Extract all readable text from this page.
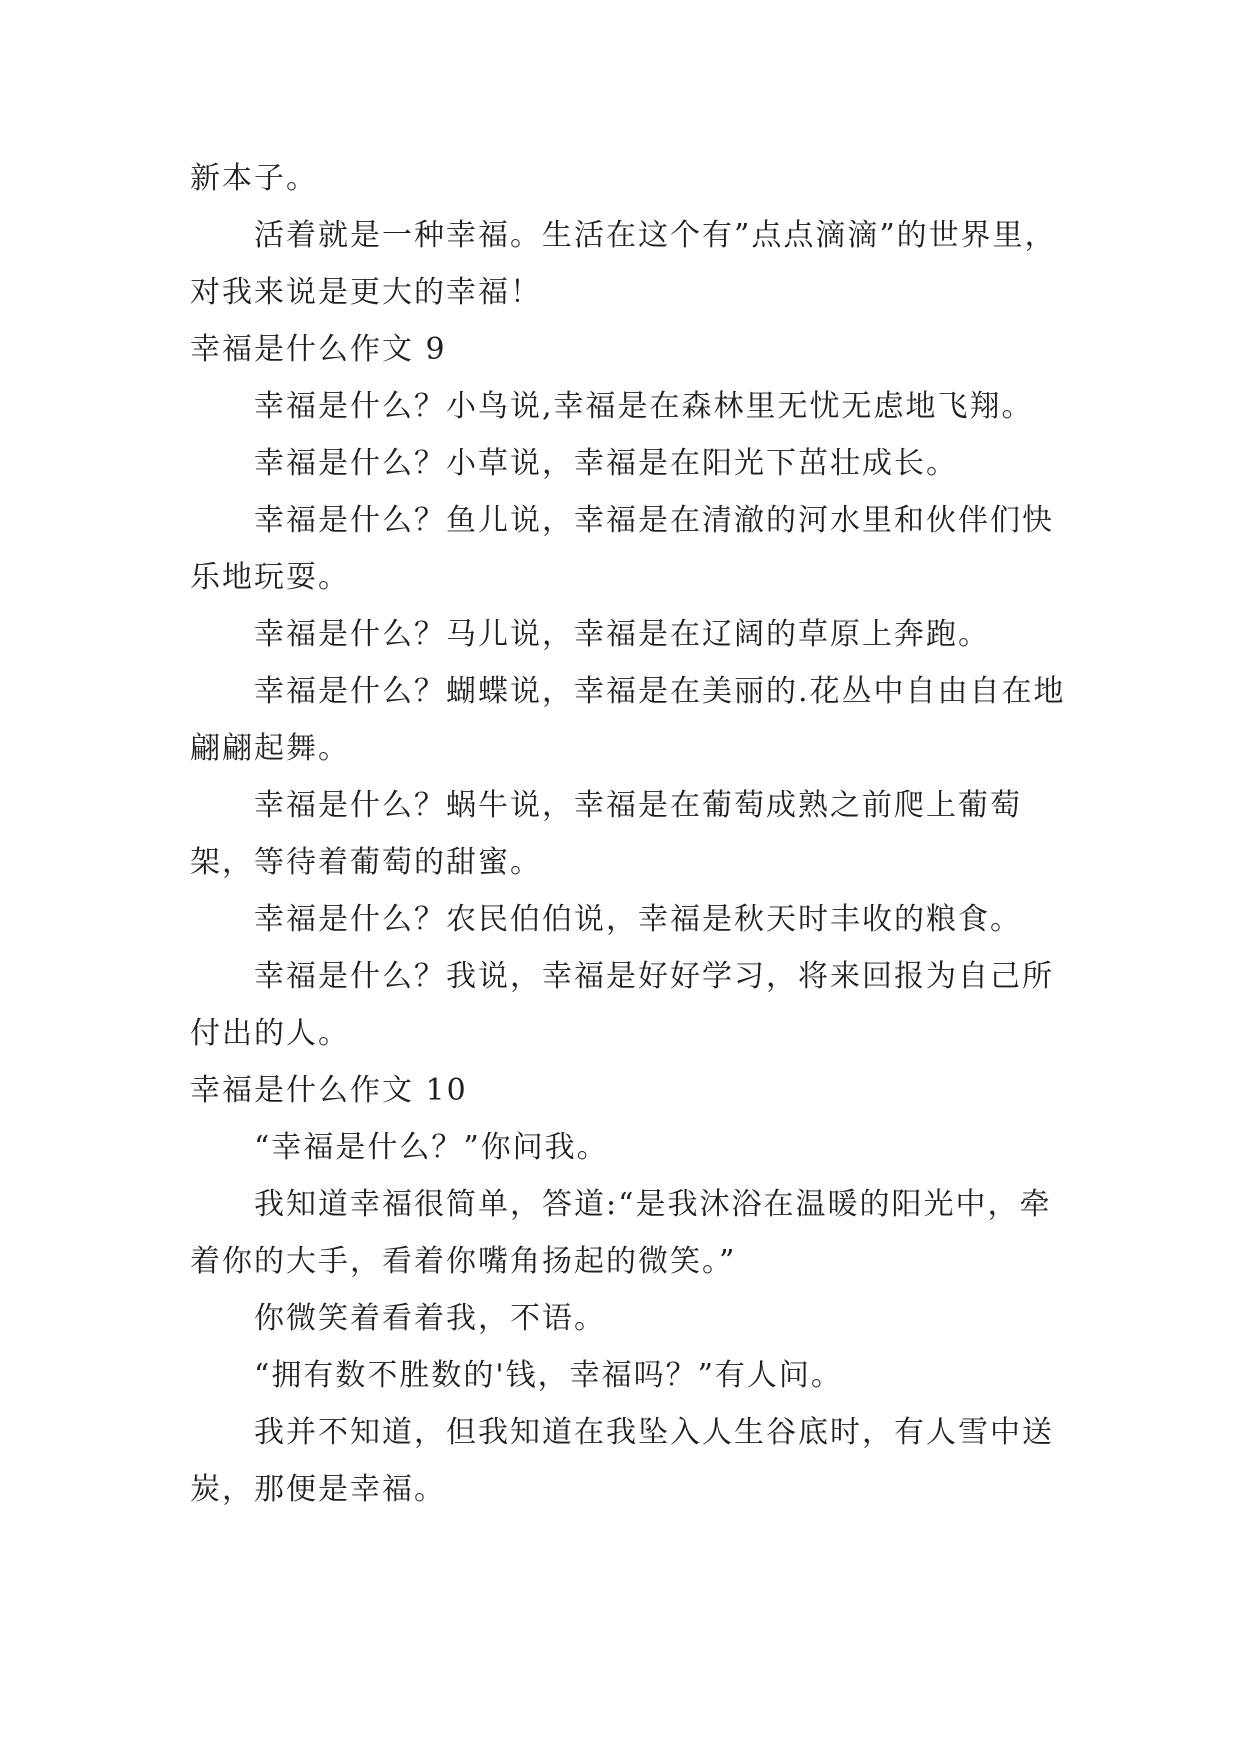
新本子。

活着就是一种幸福。生活在这个有”点点滴滴”的世界里，对我来说是更大的幸福！

幸福是什么作文 9

幸福是什么？小鸟说,幸福是在森林里无忧无虑地飞翔。

幸福是什么？小草说，幸福是在阳光下茁壮成长。

幸福是什么？鱼儿说，幸福是在清澈的河水里和伙伴们快乐地玩耍。

幸福是什么？马儿说，幸福是在辽阔的草原上奔跑。

幸福是什么？蝴蝶说，幸福是在美丽的.花丛中自由自在地翩翩起舞。

幸福是什么？蜗牛说，幸福是在葡萄成熟之前爬上葡萄架，等待着葡萄的甜蜜。

幸福是什么？农民伯伯说，幸福是秋天时丰收的粮食。

幸福是什么？我说，幸福是好好学习，将来回报为自己所付出的人。

幸福是什么作文 10

“幸福是什么？”你问我。

我知道幸福很简单，答道:“是我沐浴在温暖的阳光中，牵着你的大手，看着你嘴角扬起的微笑。”

你微笑着看着我，不语。

“拥有数不胜数的'钱，幸福吗？”有人问。

我并不知道，但我知道在我坠入人生谷底时，有人雪中送炭，那便是幸福。
